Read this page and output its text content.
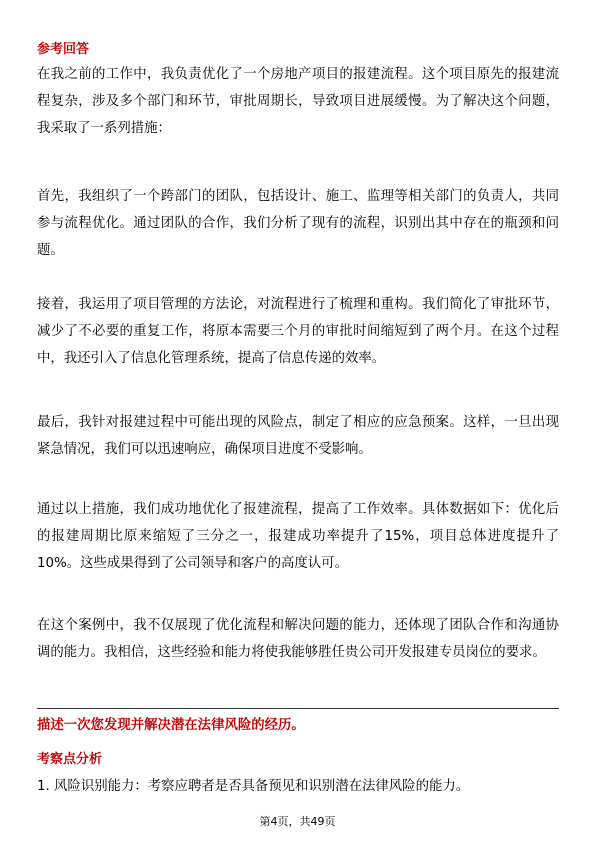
参考回答

在我之前的工作中，我负责优化了一个房地产项目的报建流程。这个项目原先的报建流程复杂，涉及多个部门和环节，审批周期长，导致项目进展缓慢。为了解决这个问题，我采取了一系列措施：

首先，我组织了一个跨部门的团队，包括设计、施工、监理等相关部门的负责人，共同参与流程优化。通过团队的合作，我们分析了现有的流程，识别出其中存在的瓶颈和问题。

接着，我运用了项目管理的方法论，对流程进行了梳理和重构。我们简化了审批环节，减少了不必要的重复工作，将原本需要三个月的审批时间缩短到了两个月。在这个过程中，我还引入了信息化管理系统，提高了信息传递的效率。

最后，我针对报建过程中可能出现的风险点，制定了相应的应急预案。这样，一旦出现紧急情况，我们可以迅速响应，确保项目进度不受影响。

通过以上措施，我们成功地优化了报建流程，提高了工作效率。具体数据如下：优化后的报建周期比原来缩短了三分之一，报建成功率提升了15%，项目总体进度提升了10%。这些成果得到了公司领导和客户的高度认可。

在这个案例中，我不仅展现了优化流程和解决问题的能力，还体现了团队合作和沟通协调的能力。我相信，这些经验和能力将使我能够胜任贵公司开发报建专员岗位的要求。

描述一次您发现并解决潜在法律风险的经历。
考察点分析

1. 风险识别能力：考察应聘者是否具备预见和识别潜在法律风险的能力。

第4页，共49页
